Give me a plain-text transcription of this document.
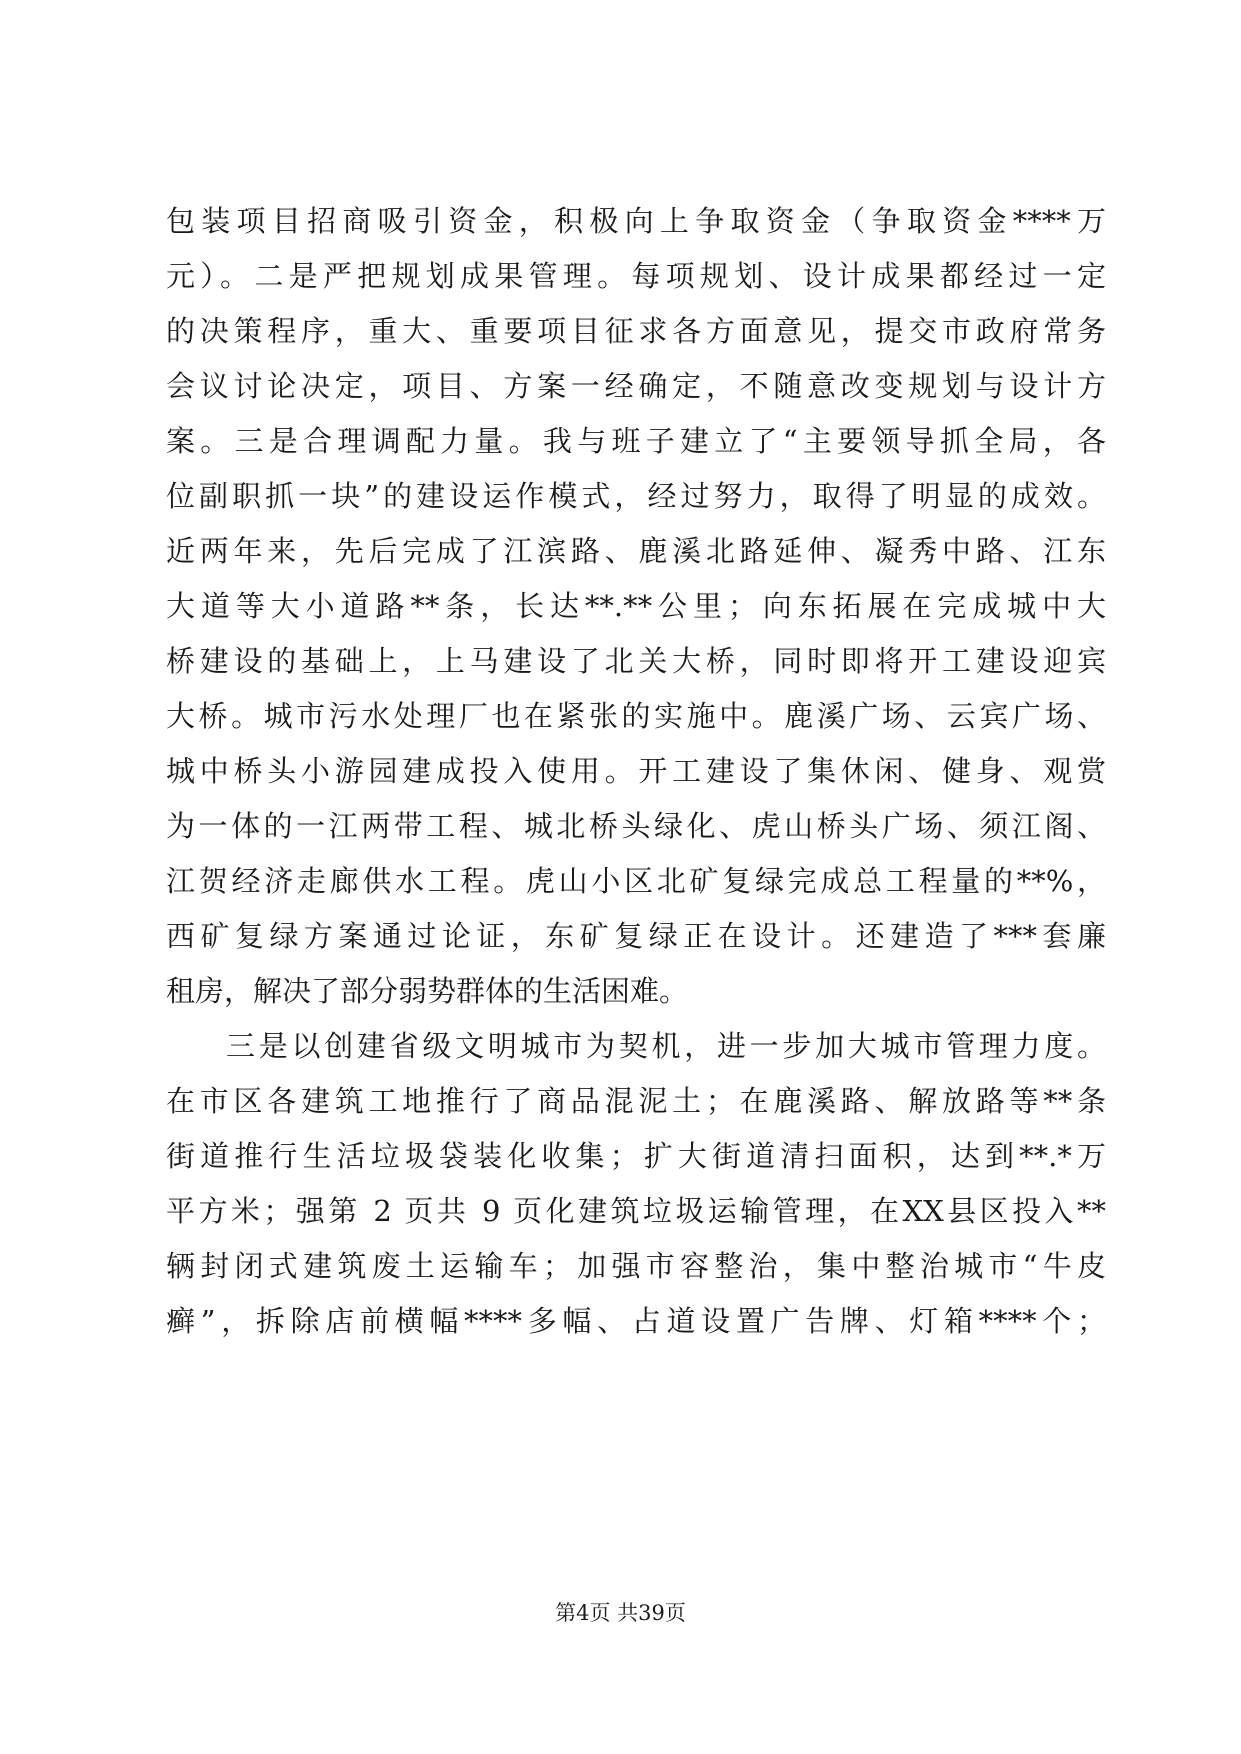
包装项目招商吸引资金，积极向上争取资金（争取资金****万
元）。二是严把规划成果管理。每项规划、设计成果都经过一定
的决策程序，重大、重要项目征求各方面意见，提交市政府常务
会议讨论决定，项目、方案一经确定，不随意改变规划与设计方
案。三是合理调配力量。我与班子建立了“主要领导抓全局，各
位副职抓一块”的建设运作模式，经过努力，取得了明显的成效。
近两年来，先后完成了江滨路、鹿溪北路延伸、凝秀中路、江东
大道等大小道路**条，长达**.**公里；向东拓展在完成城中大
桥建设的基础上，上马建设了北关大桥，同时即将开工建设迎宾
大桥。城市污水处理厂也在紧张的实施中。鹿溪广场、云宾广场、
城中桥头小游园建成投入使用。开工建设了集休闲、健身、观赏
为一体的一江两带工程、城北桥头绿化、虎山桥头广场、须江阁、
江贺经济走廊供水工程。虎山小区北矿复绿完成总工程量的**%，
西矿复绿方案通过论证，东矿复绿正在设计。还建造了***套廉
租房，解决了部分弱势群体的生活困难。
三是以创建省级文明城市为契机，进一步加大城市管理力度。
在市区各建筑工地推行了商品混泥土；在鹿溪路、解放路等**条
街道推行生活垃圾袋装化收集；扩大街道清扫面积，达到**.*万
平方米；强第 2 页共 9 页化建筑垃圾运输管理，在XX县区投入**
辆封闭式建筑废土运输车；加强市容整治，集中整治城市“牛皮
癣”，拆除店前横幅****多幅、占道设置广告牌、灯箱****个；
第4页 共39页
